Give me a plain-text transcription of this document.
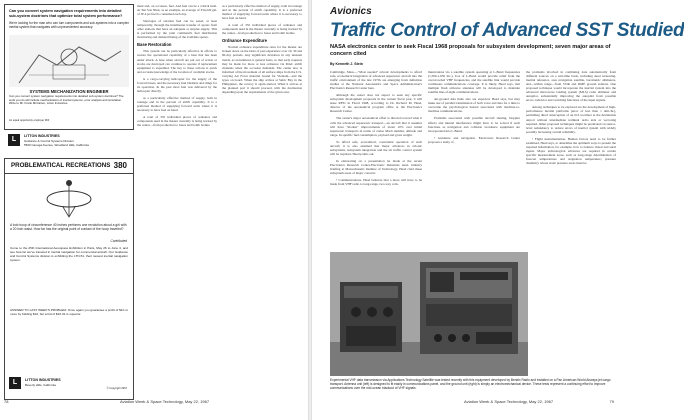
Can you convert system navigation requirements into detailed sub-system doctrines that optimize total system performance?
We're looking for the man who can turn components and sub-systems into a complex inertial system that navigates with unprecedented accuracy.
SYSTEMS MECHANIZATION ENGINEER
Can you convert system navigation requirements into detailed sub-system doctrines? The work you do will include mechanization of inertial systems, error analysis and simulation. Write to Mr. Frank McCarten, Litton Industries.
An equal opportunity employer M/F
L	LITTON INDUSTRIES
Guidance & Control Systems Division
5500 Canoga Avenue, Woodland Hills, California
PROBLEMATICAL RECREATIONS 380
A bob hoop of circumference 40 inches performs one revolution about a girl with a 20 inch waist. How far has the original point of contact of the hoop traveled?
Contributed
Come to the 25th International Aerospace Exhibition in Paris, May 26 to June 4, and see how far we've traveled in inertial navigation for commercial aircraft. Our Guidance and Control Systems division is exhibiting the LTN-51, their newest inertial navigation system.
ANSWER TO LAST WEEK'S PROBLEM: Once again you guarantee a profit of $10 or more by bidding $10, but a bid of $10.01 is superior.
L	LITTON INDUSTRIES
Beverly Hills, California
© Copyright 1967

ment and, on occasion, fuel. And fuel can be a critical item. At Tan Son Nhut, as an example, an average of 334,220 gal. of JP-4 jet fuel is consumed each day.

Shortages of aviation fuel can be eased, at least temporarily, through the intertheater transfer of spares from other stations that have an adequate or surplus supply. This is performed by the joint command's fuel distribution monitoring and demand listing of the available spares.

Base Restoration

This system can be particularly effective in efforts to restore the operational capability of a base that has been under attack. A base when aircraft are put out of action or stocks are destroyed can continue to operate if replacement equipment is expedited. The key to these actions is quick and accurate knowledge of the location of available stocks.

is a cargo-carrying helicopter for the supply of the forward bases, and the necessary fuel bladders and slings for its operation. In the past most fuel was delivered by the helicopter directly.

as a particularly effective method of supply, both in tonnage and in the percent of airlift capability. It is a preferred method of supplying forward units where it is necessary to have fuel on hand.

A total of 355 individual pieces of ordnance and components used in the theater currently is being tracked by the center—from production to bases and bomb bodies.

as a particularly effective method of supply, both in tonnage and in the percent of airlift capability. It is a preferred method of supplying forward units where it is necessary to have fuel on hand.

A total of 355 individual pieces of ordnance and components used in the theater currently is being tracked by the center—from production to bases and bomb bodies.

Ordnance Expenditure

Normal ordnance expenditure rates for the theater are broken down on the basis of past experience over 10, 30 and 90-day periods. Any significant deviation in any unusual trends, as an itemized or general basis, so that early requests may be made for more or less ordnance via MAC airlift channels when the occasion demands. The center also is informed of the movement of all surface ships from the U.S. carrying Air Force materiel bound for Vietnam—and the types on board. When the ship arrives at Subic Bay in the Philippines, the convoy is again alerted. When it arrives at the planned port it should proceed, with the destination depending upon the requirements of the given area.

78	Aviation Week & Space Technology, May 22, 1967
Avionics
Traffic Control of Advanced SST Studied
NASA electronics center to seek Fiscal 1968 proposals for subsystem development; seven major areas of concern cited
By Kenneth J. Stein

Cambridge, Mass.—"Most needed" avionic developments to afford safe, economical integration of advanced supersonic aircraft into the traffic environment of the late 1970s are emerging from definition studies at the National Aeronautics and Space Administration's Electronics Research Center here.

Although the center does not expect to seek any specific subsystem development proposals in the current fiscal year, it will issue RFPs in Fiscal 1968, according to Dr. Richard M. Head, director of the aeronautical program office at the Electronics Research Center.

The center's major aeronautical effort is directed toward what it calls the advanced supersonic transport—an aircraft that it assumes will have "modest" improvements of about 10% over initial supersonic transports in terms of cruise Mach number, altitude and range. In specific fuel consumption, payload and gross weight.

To afford safe, economical, convenient operation of such aircraft, it is also assumed that major advances in avionic subsystems, subsystem integration and the air traffic control system will be required, Head points out.

In elaborating on a presentation he made at the recent Electronics Research Center-Electronic Industries Assn. industry briefing at Massachusetts Institute of Technology, Head cited these subsystem areas of major concern:

• Communications. Head believes that a more will have to be made from VHF radio to long-range, two-way com-

munications via a satellite system operating at L-Band frequencies (1,500-1,650 mc.). Use of L-Band would provide relief from the overcrowded VHF frequencies, and the satellite link would provide continuous communications coverage. It is likely, Head says, that multiple flash airborne antennas will be developed to maintain satellite line-of-sight communications.

Air-ground data links also are expected, Head says, but may make use of parallel transmission of both voice and data for a time to overcome the psychological hazard associated with machine-to-machine communications.

Problems associated with possible aircraft sharing, Doppler effects and mutual interference might have to be solved if such functions as navigation and collision avoidance equipment are incorporated into L-Band.

• Guidance and navigation. Electronics Research Center proposes a study of

the problems involved in combining data automatically from different sources on a real-time basis, including dead reckoning, inertial reference, area navigation satellite, barometric altimeters, and—within range—from VOR and DME ground stations. One proposed technique would incorporate the inertial system into the advanced microwave landing system (MLS) radar altimeter and autopilot, substantially improving the autopilot from possible errors, behavior and switching functions of the input signals.

Among techniques to be explored are the development of high-performance inertial platforms (error of less than 1 nmi./hr.), permitting direct interception of an ILS localizer at the destination airport without intermediate terminal radio aids or vectoring required. Other proposed techniques might be predicated on sensor-level redundancy to reduce errors of inertial system with widely possibly increasing overall reliability.

• Flight instrumentation. Human factors need to be further examined, Head says, to determine the optimum ways to present the required information, for example, how to balance visual and aural inputs. Major technological advances are required in certain specific measurement areas, such as long-range determination of freecast temperatures and stagnation temperature; pressure chemistry whose static pressure areas must be

Experimental VHF data transmission via Applications Technology Satellite was tested recently with this equipment developed by Bendix Radio and installed on a Pan American World Airways jet cargo transport. Antenna unit (left) is designed to fit easily in communications panel, and the ground unit (right) is simply an electromechanical device. These tests represent a continuing effort to improve communications over the mid-ocean blackout of VHF signals.
Aviation Week & Space Technology, May 22, 1967	79
